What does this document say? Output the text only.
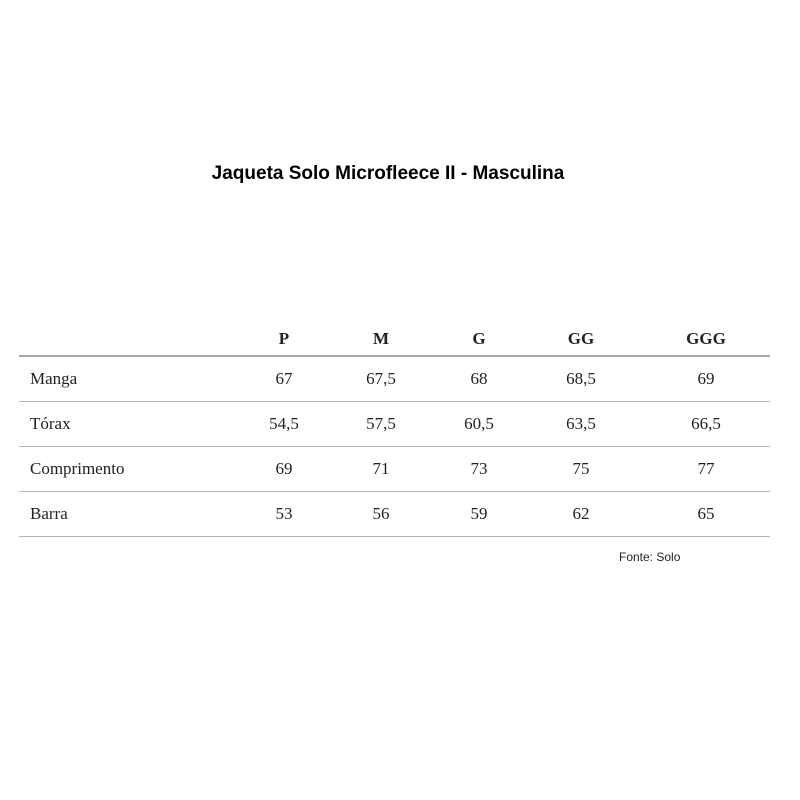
Jaqueta Solo Microfleece II - Masculina
	P	M	G	GG	GGG
Manga	67	67,5	68	68,5	69
Tórax	54,5	57,5	60,5	63,5	66,5
Comprimento	69	71	73	75	77
Barra	53	56	59	62	65
Fonte: Solo
